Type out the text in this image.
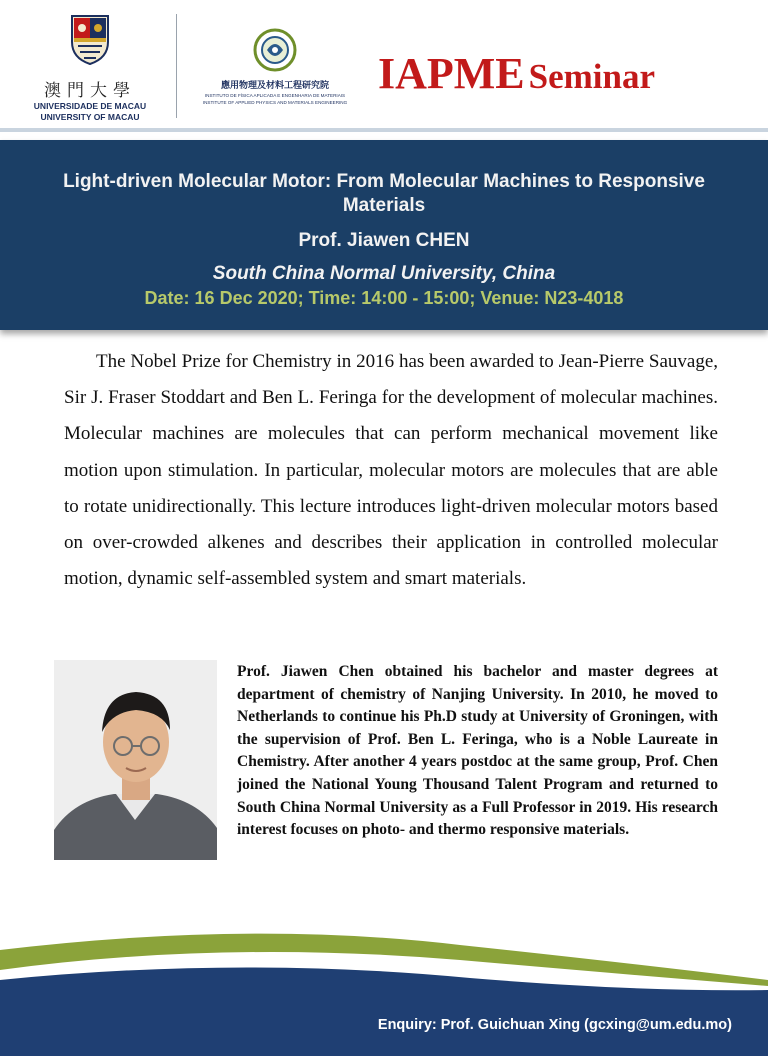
澳門大學
UNIVERSIDADE DE MACAU
UNIVERSITY OF MACAU
應用物理及材料工程研究院
INSTITUTO DE FÍSICA APLICADA E ENGENHARIA DE MATERIAIS
INSTITUTE OF APPLIED PHYSICS AND MATERIALS ENGINEERING
IAPME Seminar
Light-driven Molecular Motor: From Molecular Machines to Responsive Materials
Prof. Jiawen CHEN
South China Normal University, China
Date: 16 Dec 2020; Time: 14:00 - 15:00; Venue: N23-4018

The Nobel Prize for Chemistry in 2016 has been awarded to Jean-Pierre Sauvage, Sir J. Fraser Stoddart and Ben L. Feringa for the development of molecular machines. Molecular machines are molecules that can perform mechanical movement like motion upon stimulation. In particular, molecular motors are molecules that are able to rotate unidirectionally. This lecture introduces light-driven molecular motors based on over-crowded alkenes and describes their application in controlled molecular motion, dynamic self-assembled system and smart materials.

Prof. Jiawen Chen obtained his bachelor and master degrees at department of chemistry of Nanjing University. In 2010, he moved to Netherlands to continue his Ph.D study at University of Groningen, with the supervision of Prof. Ben L. Feringa, who is a Noble Laureate in Chemistry. After another 4 years postdoc at the same group, Prof. Chen joined the National Young Thousand Talent Program and returned to South China Normal University as a Full Professor in 2019. His research interest focuses on photo- and thermo responsive materials.

Enquiry: Prof. Guichuan Xing (gcxing@um.edu.mo)
